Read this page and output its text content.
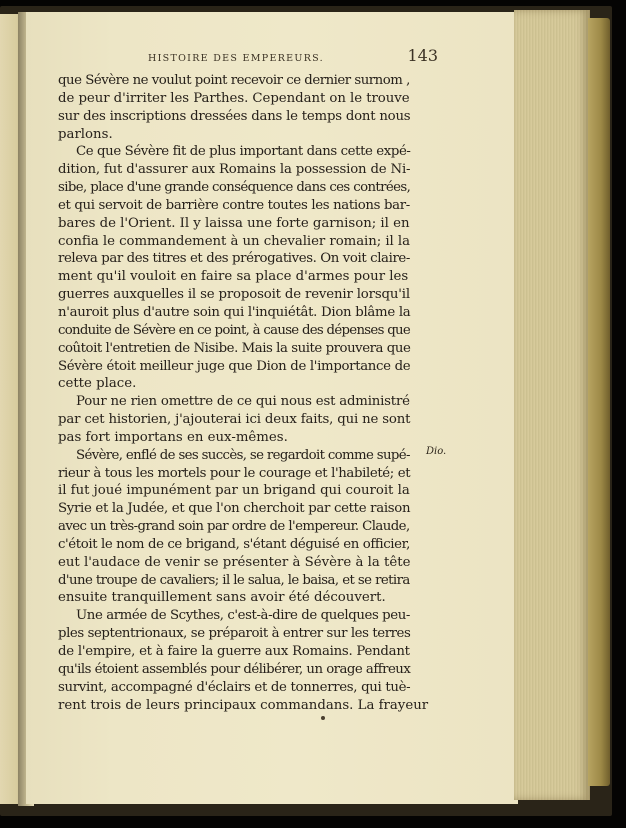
HISTOIRE DES EMPEREURS.	143
que Sévère ne voulut point recevoir ce dernier surnom ,
de peur d'irriter les Parthes. Cependant on le trouve
sur des inscriptions dressées dans le temps dont nous
parlons.
Ce que Sévère fit de plus important dans cette expé-
dition, fut d'assurer aux Romains la possession de Ni-
sibe, place d'une grande conséquence dans ces contrées,
et qui servoit de barrière contre toutes les nations bar-
bares de l'Orient. Il y laissa une forte garnison; il en
confia le commandement à un chevalier romain; il la
releva par des titres et des prérogatives. On voit claire-
ment qu'il vouloit en faire sa place d'armes pour les
guerres auxquelles il se proposoit de revenir lorsqu'il
n'auroit plus d'autre soin qui l'inquiétât. Dion blâme la
conduite de Sévère en ce point, à cause des dépenses que
coûtoit l'entretien de Nisibe. Mais la suite prouvera que
Sévère étoit meilleur juge que Dion de l'importance de
cette place.
Pour ne rien omettre de ce qui nous est administré
par cet historien, j'ajouterai ici deux faits, qui ne sont
pas fort importans en eux-mêmes.
Sévère, enflé de ses succès, se regardoit comme supé-
rieur à tous les mortels pour le courage et l'habileté; et
il fut joué impunément par un brigand qui couroit la
Syrie et la Judée, et que l'on cherchoit par cette raison
avec un très-grand soin par ordre de l'empereur. Claude,
c'étoit le nom de ce brigand, s'étant déguisé en officier,
eut l'audace de venir se présenter à Sévère à la tête
d'une troupe de cavaliers; il le salua, le baisa, et se retira
ensuite tranquillement sans avoir été découvert.
Une armée de Scythes, c'est-à-dire de quelques peu-
ples septentrionaux, se préparoit à entrer sur les terres
de l'empire, et à faire la guerre aux Romains. Pendant
qu'ils étoient assemblés pour délibérer, un orage affreux
survint, accompagné d'éclairs et de tonnerres, qui tuè-
rent trois de leurs principaux commandans. La frayeur
Dio.
